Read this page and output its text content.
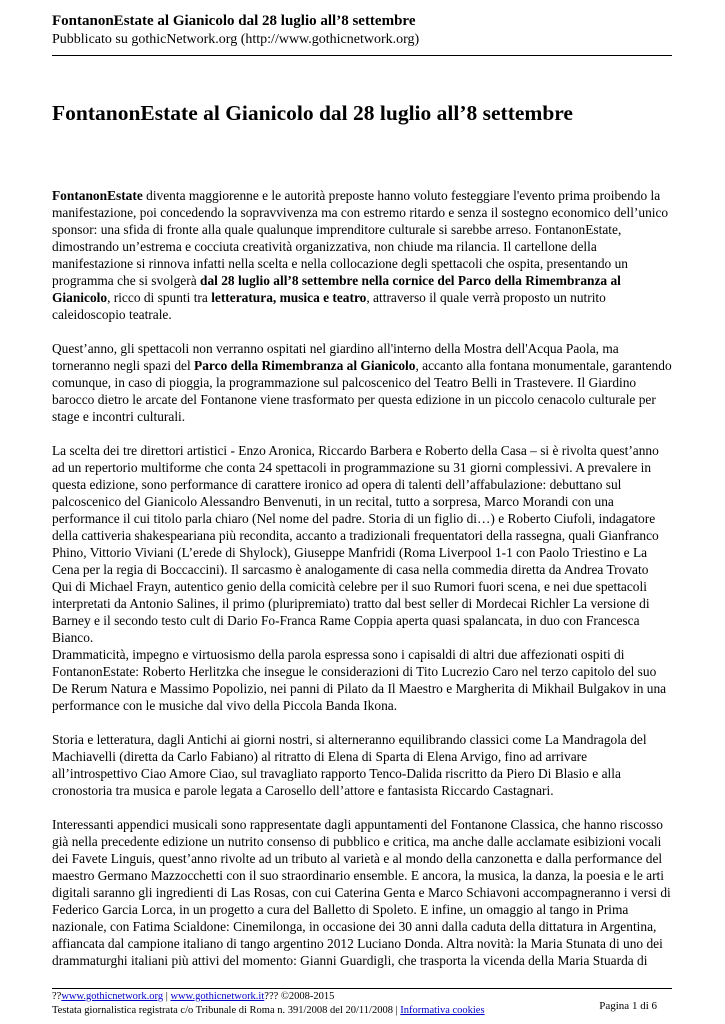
FontanonEstate al Gianicolo dal 28 luglio all’8 settembre
Pubblicato su gothicNetwork.org (http://www.gothicnetwork.org)
FontanonEstate al Gianicolo dal 28 luglio all’8 settembre

FontanonEstate diventa maggiorenne e le autorità preposte hanno voluto festeggiare l'evento prima proibendo la
manifestazione, poi concedendo la sopravvivenza ma con estremo ritardo e senza il sostegno economico dell’unico
sponsor: una sfida di fronte alla quale qualunque imprenditore culturale si sarebbe arreso. FontanonEstate,
dimostrando un’estrema e cocciuta creatività organizzativa, non chiude ma rilancia. Il cartellone della
manifestazione si rinnova infatti nella scelta e nella collocazione degli spettacoli che ospita, presentando un
programma che si svolgerà dal 28 luglio all’8 settembre nella cornice del Parco della Rimembranza al
Gianicolo, ricco di spunti tra letteratura, musica e teatro, attraverso il quale verrà proposto un nutrito
caleidoscopio teatrale.

Quest’anno, gli spettacoli non verranno ospitati nel giardino all'interno della Mostra dell'Acqua Paola, ma
torneranno negli spazi del Parco della Rimembranza al Gianicolo, accanto alla fontana monumentale, garantendo
comunque, in caso di pioggia, la programmazione sul palcoscenico del Teatro Belli in Trastevere. Il Giardino
barocco dietro le arcate del Fontanone viene trasformato per questa edizione in un piccolo cenacolo culturale per
stage e incontri culturali.

La scelta dei tre direttori artistici - Enzo Aronica, Riccardo Barbera e Roberto della Casa – si è rivolta quest’anno
ad un repertorio multiforme che conta 24 spettacoli in programmazione su 31 giorni complessivi. A prevalere in
questa edizione, sono performance di carattere ironico ad opera di talenti dell’affabulazione: debuttano sul
palcoscenico del Gianicolo Alessandro Benvenuti, in un recital, tutto a sorpresa, Marco Morandi con una
performance il cui titolo parla chiaro (Nel nome del padre. Storia di un figlio di…) e Roberto Ciufoli, indagatore
della cattiveria shakespeariana più recondita, accanto a tradizionali frequentatori della rassegna, quali Gianfranco
Phino, Vittorio Viviani (L’erede di Shylock), Giuseppe Manfridi (Roma Liverpool 1-1 con Paolo Triestino e La
Cena per la regia di Boccaccini). Il sarcasmo è analogamente di casa nella commedia diretta da Andrea Trovato
Qui di Michael Frayn, autentico genio della comicità celebre per il suo Rumori fuori scena, e nei due spettacoli
interpretati da Antonio Salines, il primo (pluripremiato) tratto dal best seller di Mordecai Richler La versione di
Barney e il secondo testo cult di Dario Fo-Franca Rame Coppia aperta quasi spalancata, in duo con Francesca
Bianco.

Drammaticità, impegno e virtuosismo della parola espressa sono i capisaldi di altri due affezionati ospiti di
FontanonEstate: Roberto Herlitzka che insegue le considerazioni di Tito Lucrezio Caro nel terzo capitolo del suo
De Rerum Natura e Massimo Popolizio, nei panni di Pilato da Il Maestro e Margherita di Mikhail Bulgakov in una
performance con le musiche dal vivo della Piccola Banda Ikona.

Storia e letteratura, dagli Antichi ai giorni nostri, si alterneranno equilibrando classici come La Mandragola del
Machiavelli (diretta da Carlo Fabiano) al ritratto di Elena di Sparta di Elena Arvigo, fino ad arrivare
all’introspettivo Ciao Amore Ciao, sul travagliato rapporto Tenco-Dalida riscritto da Piero Di Blasio e alla
cronostoria tra musica e parole legata a Carosello dell’attore e fantasista Riccardo Castagnari.

Interessanti appendici musicali sono rappresentate dagli appuntamenti del Fontanone Classica, che hanno riscosso
già nella precedente edizione un nutrito consenso di pubblico e critica, ma anche dalle acclamate esibizioni vocali
dei Favete Linguis, quest’anno rivolte ad un tributo al varietà e al mondo della canzonetta e dalla performance del
maestro Germano Mazzocchetti con il suo straordinario ensemble. E ancora, la musica, la danza, la poesia e le arti
digitali saranno gli ingredienti di Las Rosas, con cui Caterina Genta e Marco Schiavoni accompagneranno i versi di
Federico Garcia Lorca, in un progetto a cura del Balletto di Spoleto. E infine, un omaggio al tango in Prima
nazionale, con Fatima Scialdone: Cinemilonga, in occasione dei 30 anni dalla caduta della dittatura in Argentina,
affiancata dal campione italiano di tango argentino 2012 Luciano Donda. Altra novità: la Maria Stunata di uno dei
drammaturghi italiani più attivi del momento: Gianni Guardigli, che trasporta la vicenda della Maria Stuarda di

??www.gothicnetwork.org | www.gothicnetwork.it??? ©2008-2015
Testata giornalistica registrata c/o Tribunale di Roma n. 391/2008 del 20/11/2008 | Informativa cookies	Pagina 1 di 6
